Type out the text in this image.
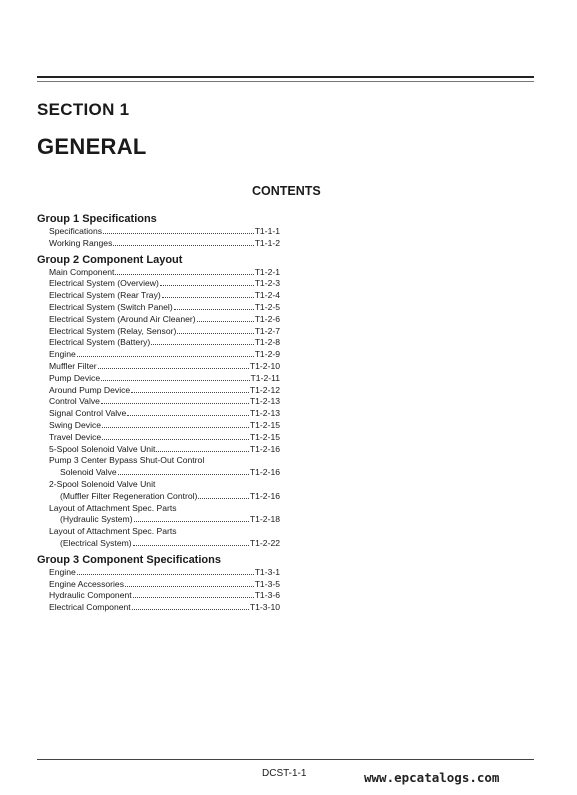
SECTION 1
GENERAL
CONTENTS
Group 1 Specifications
Specifications	T1-1-1
Working Ranges	T1-1-2
Group 2 Component Layout
Main Component	T1-2-1
Electrical System (Overview)	T1-2-3
Electrical System (Rear Tray)	T1-2-4
Electrical System (Switch Panel)	T1-2-5
Electrical System (Around Air Cleaner)	T1-2-6
Electrical System (Relay, Sensor)	T1-2-7
Electrical System (Battery)	T1-2-8
Engine	T1-2-9
Muffler Filter	T1-2-10
Pump Device	T1-2-11
Around Pump Device	T1-2-12
Control Valve	T1-2-13
Signal Control Valve	T1-2-13
Swing Device	T1-2-15
Travel Device	T1-2-15
5-Spool Solenoid Valve Unit	T1-2-16
Pump 3 Center Bypass Shut-Out Control
Solenoid Valve	T1-2-16
2-Spool Solenoid Valve Unit
(Muffler Filter Regeneration Control)	T1-2-16
Layout of Attachment Spec. Parts
(Hydraulic System)	T1-2-18
Layout of Attachment Spec. Parts
(Electrical System)	T1-2-22
Group 3 Component Specifications
Engine	T1-3-1
Engine Accessories	T1-3-5
Hydraulic Component	T1-3-6
Electrical Component	T1-3-10
DCST-1-1	www.epcatalogs.com
